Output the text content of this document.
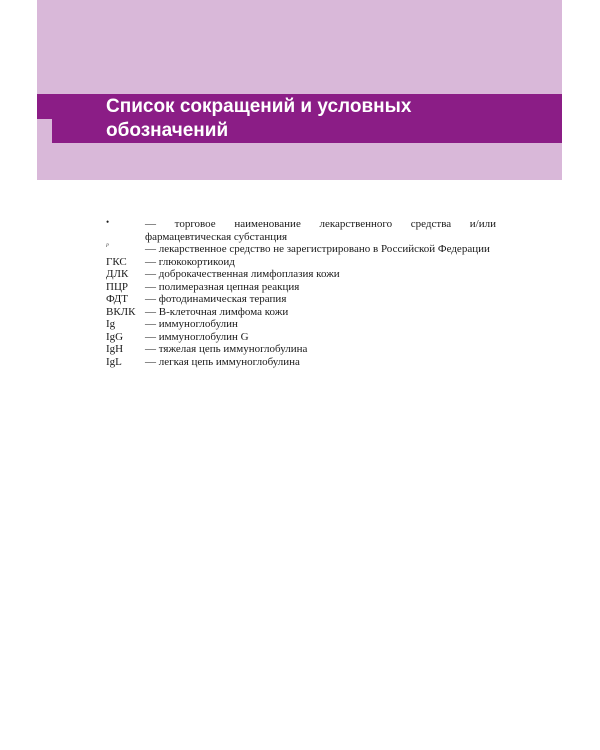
Список сокращений и условных
обозначений
•	— торговое наименование лекарственного средства и/или фармацевтическая субстанция
ᵖ	— лекарственное средство не зарегистрировано в Российской Федерации
ГКС	— глюкокортикоид
ДЛК	— доброкачественная лимфоплазия кожи
ПЦР	— полимеразная цепная реакция
ФДТ	— фотодинамическая терапия
ВКЛК — В-клеточная лимфома кожи
Ig	— иммуноглобулин
IgG	— иммуноглобулин G
IgH	— тяжелая цепь иммуноглобулина
IgL	— легкая цепь иммуноглобулина
